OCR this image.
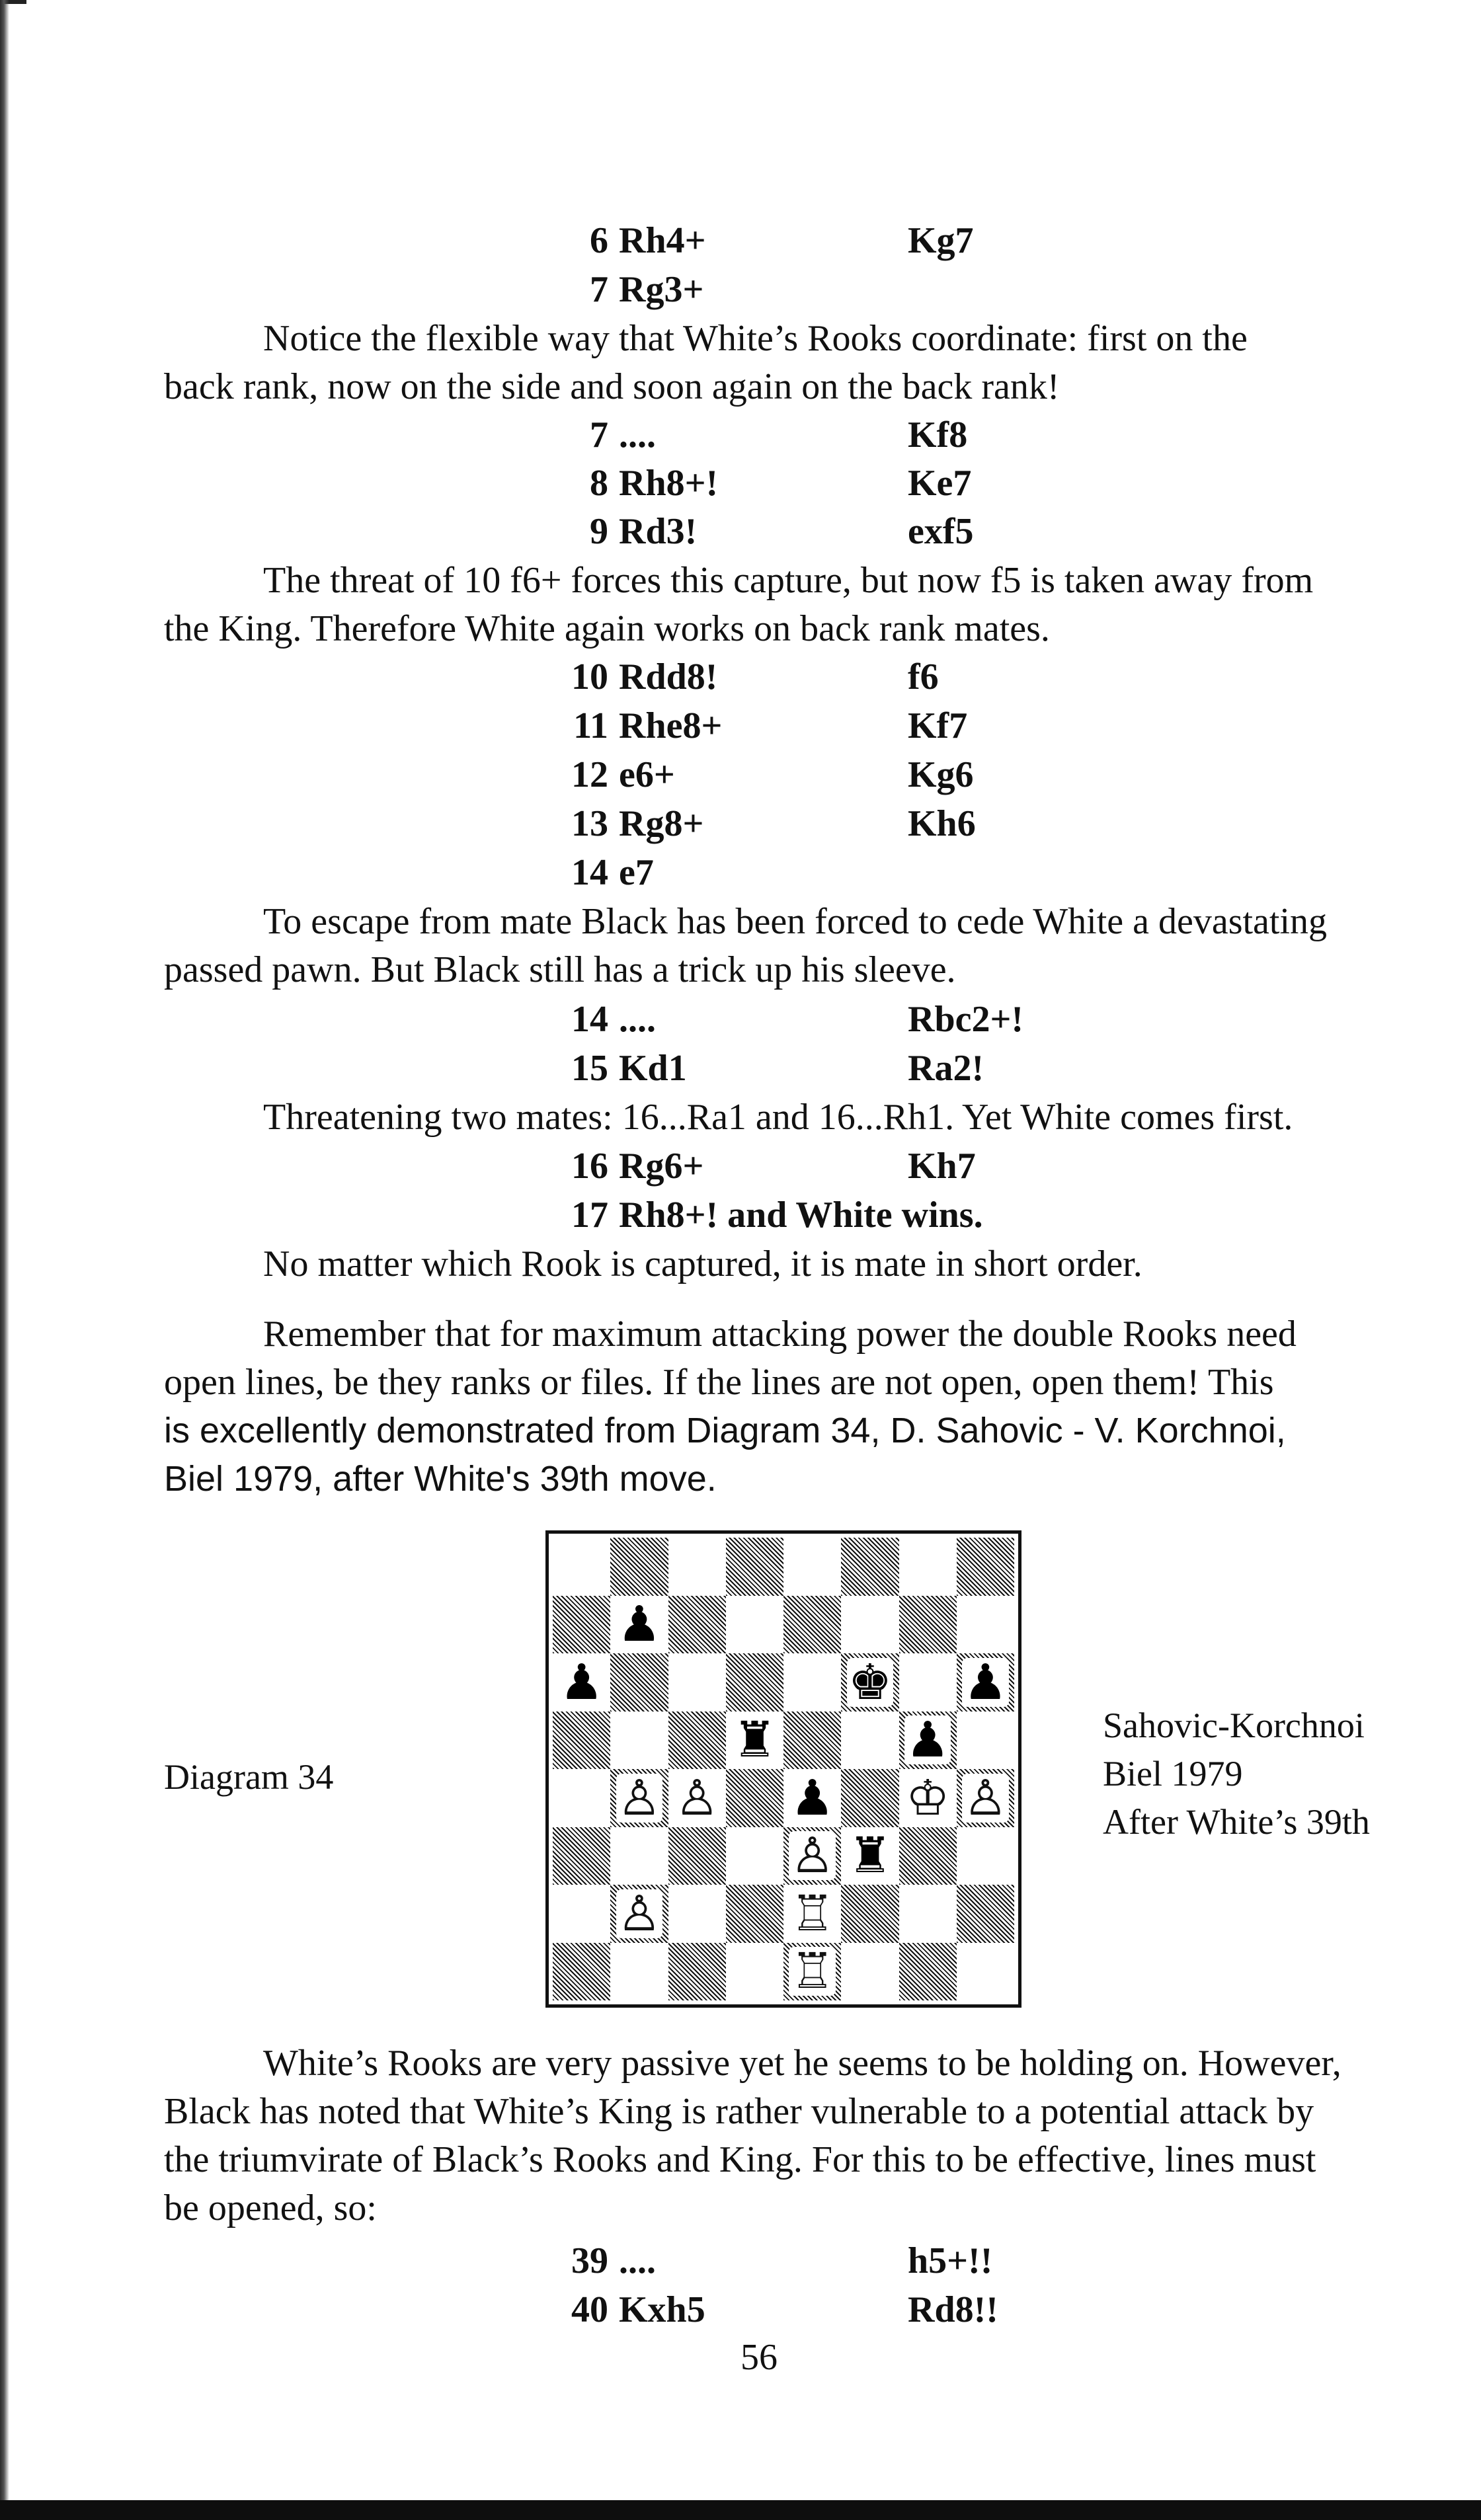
6 Rh4+	Kg7
7 Rg3+
Notice the flexible way that White’s Rooks coordinate: first on the
back rank, now on the side and soon again on the back rank!
7 ....	Kf8
8 Rh8+!	Ke7
9 Rd3!	exf5
The threat of 10 f6+ forces this capture, but now f5 is taken away from
the King. Therefore White again works on back rank mates.
10 Rdd8!	f6
11 Rhe8+	Kf7
12 e6+	Kg6
13 Rg8+	Kh6
14 e7
To escape from mate Black has been forced to cede White a devastating
passed pawn. But Black still has a trick up his sleeve.
14 ....	Rbc2+!
15 Kd1	Ra2!
Threatening two mates: 16...Ra1 and 16...Rh1. Yet White comes first.
16 Rg6+	Kh7
17 Rh8+! and White wins.
No matter which Rook is captured, it is mate in short order.
Remember that for maximum attacking power the double Rooks need
open lines, be they ranks or files. If the lines are not open, open them! This
is excellently demonstrated from Diagram 34, D. Sahovic - V. Korchnoi,
Biel 1979, after White's 39th move.
Diagram 34
♟
♟	♚ ♟
♜	♟
♙ ♙ ♟ ♔ ♙
♙ ♜
♙	♖
♖
Sahovic-Korchnoi
Biel 1979
After White’s 39th
White’s Rooks are very passive yet he seems to be holding on. However,
Black has noted that White’s King is rather vulnerable to a potential attack by
the triumvirate of Black’s Rooks and King. For this to be effective, lines must
be opened, so:
39 ....	h5+!!
40 Kxh5	Rd8!!
56
